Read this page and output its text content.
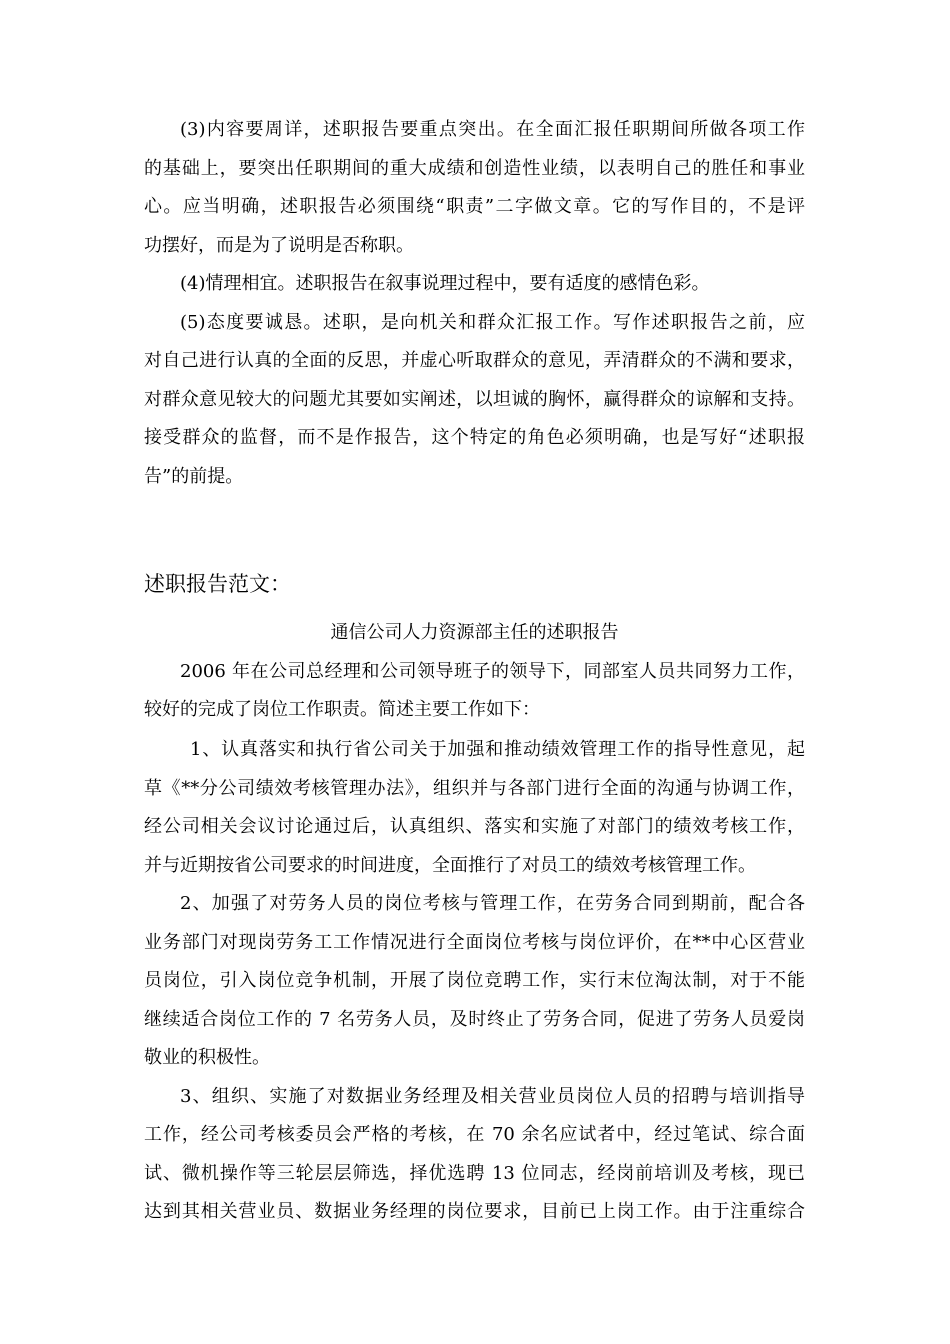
(3)内容要周详，述职报告要重点突出。在全面汇报任职期间所做各项工作
的基础上，要突出任职期间的重大成绩和创造性业绩，以表明自己的胜任和事业
心。应当明确，述职报告必须围绕“职责”二字做文章。它的写作目的，不是评
功摆好，而是为了说明是否称职。
(4)情理相宜。述职报告在叙事说理过程中，要有适度的感情色彩。
(5)态度要诚恳。述职，是向机关和群众汇报工作。写作述职报告之前，应
对自己进行认真的全面的反思，并虚心听取群众的意见，弄清群众的不满和要求，
对群众意见较大的问题尤其要如实阐述，以坦诚的胸怀，赢得群众的谅解和支持。
接受群众的监督，而不是作报告，这个特定的角色必须明确，也是写好“述职报
告”的前提。
述职报告范文：
通信公司人力资源部主任的述职报告
2006 年在公司总经理和公司领导班子的领导下，同部室人员共同努力工作，
较好的完成了岗位工作职责。简述主要工作如下：
1、认真落实和执行省公司关于加强和推动绩效管理工作的指导性意见，起
草《**分公司绩效考核管理办法》，组织并与各部门进行全面的沟通与协调工作，
经公司相关会议讨论通过后，认真组织、落实和实施了对部门的绩效考核工作，
并与近期按省公司要求的时间进度，全面推行了对员工的绩效考核管理工作。
2、加强了对劳务人员的岗位考核与管理工作，在劳务合同到期前，配合各
业务部门对现岗劳务工工作情况进行全面岗位考核与岗位评价，在**中心区营业
员岗位，引入岗位竞争机制，开展了岗位竞聘工作，实行末位淘汰制，对于不能
继续适合岗位工作的 7 名劳务人员，及时终止了劳务合同，促进了劳务人员爱岗
敬业的积极性。
3、组织、实施了对数据业务经理及相关营业员岗位人员的招聘与培训指导
工作，经公司考核委员会严格的考核，在 70 余名应试者中，经过笔试、综合面
试、微机操作等三轮层层筛选，择优选聘 13 位同志，经岗前培训及考核，现已
达到其相关营业员、数据业务经理的岗位要求，目前已上岗工作。由于注重综合
